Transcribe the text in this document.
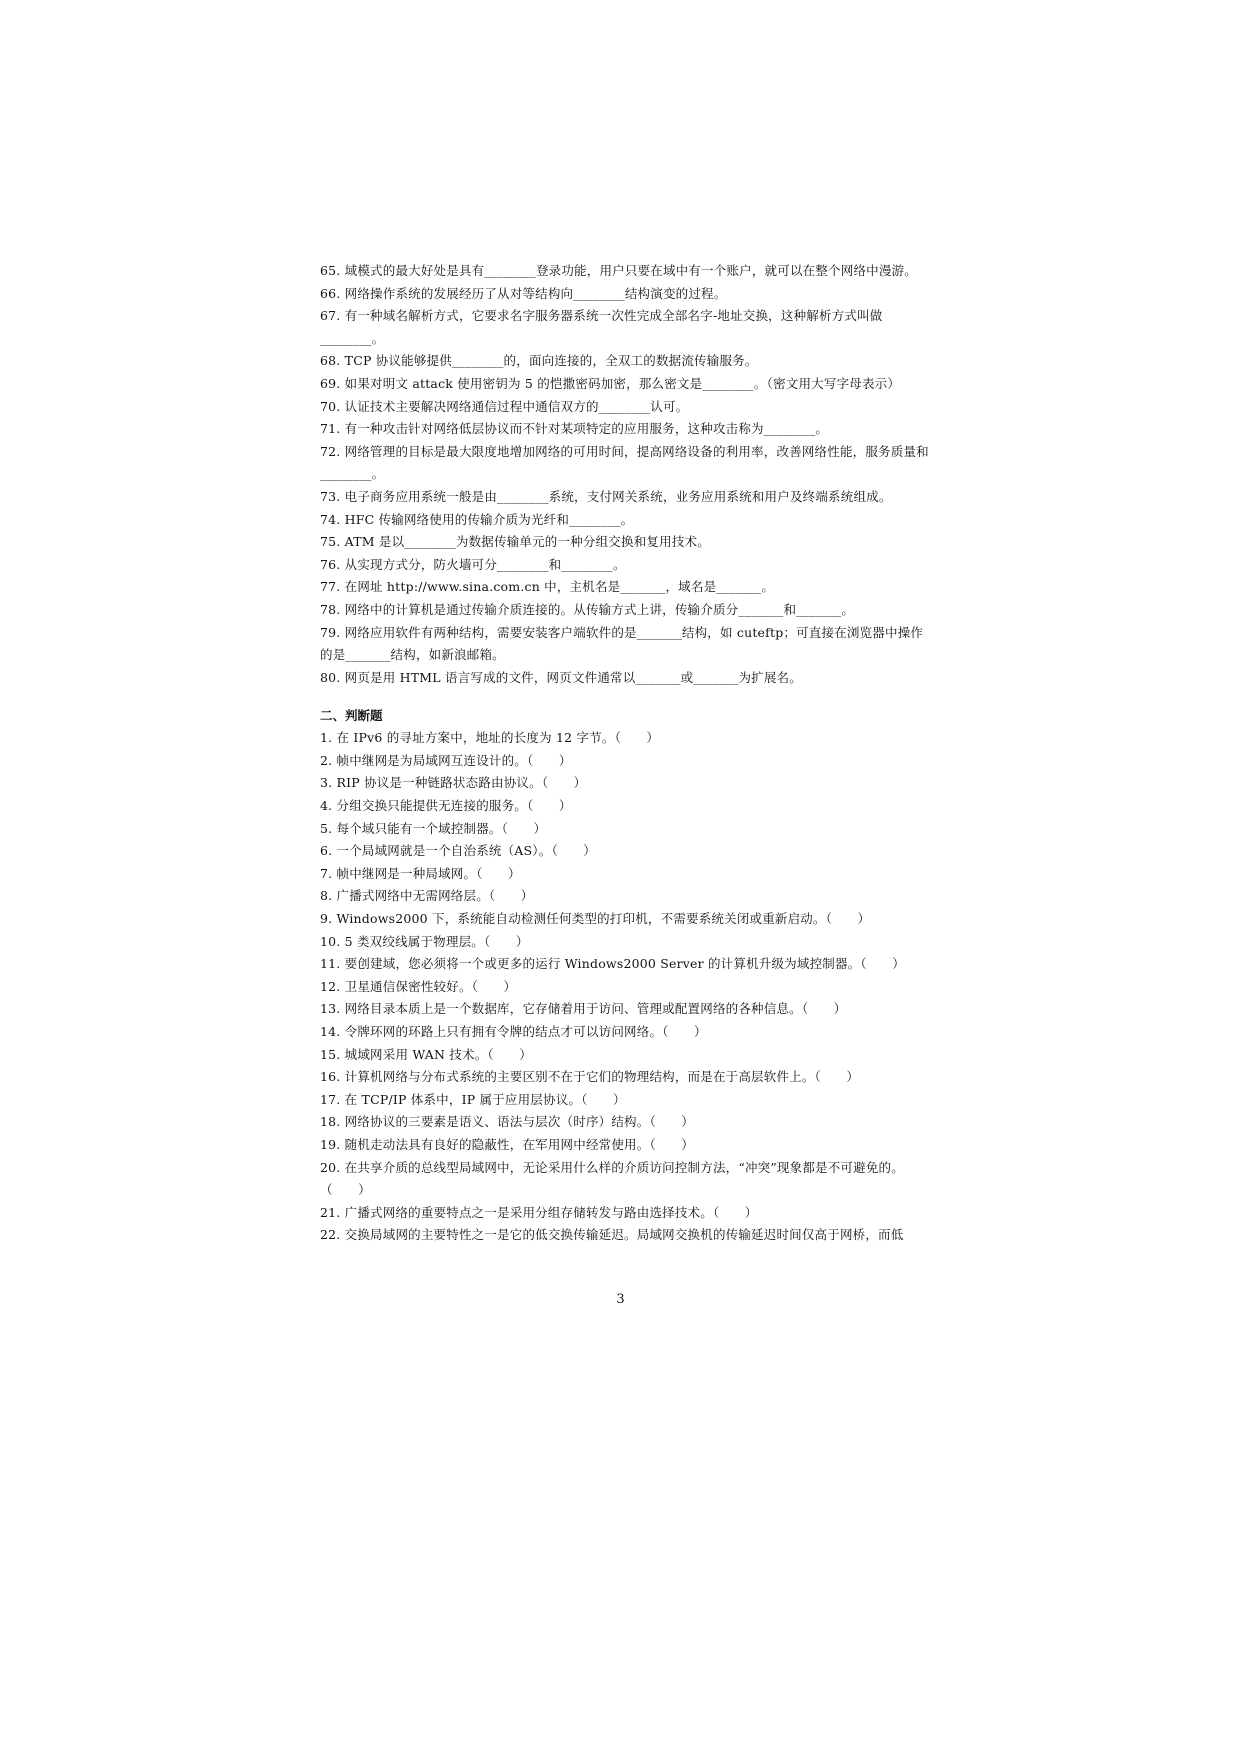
65. 域模式的最大好处是具有________登录功能，用户只要在域中有一个账户，就可以在整个网络中漫游。

66. 网络操作系统的发展经历了从对等结构向________结构演变的过程。

67. 有一种域名解析方式，它要求名字服务器系统一次性完成全部名字-地址交换，这种解析方式叫做________。

68. TCP 协议能够提供________的，面向连接的，全双工的数据流传输服务。

69. 如果对明文 attack 使用密钥为 5 的恺撒密码加密，那么密文是________。（密文用大写字母表示）

70. 认证技术主要解决网络通信过程中通信双方的________认可。

71. 有一种攻击针对网络低层协议而不针对某项特定的应用服务，这种攻击称为________。

72. 网络管理的目标是最大限度地增加网络的可用时间，提高网络设备的利用率，改善网络性能，服务质量和________。

73. 电子商务应用系统一般是由________系统，支付网关系统，业务应用系统和用户及终端系统组成。

74. HFC 传输网络使用的传输介质为光纤和________。

75. ATM 是以________为数据传输单元的一种分组交换和复用技术。

76. 从实现方式分，防火墙可分________和________。

77. 在网址 http://www.sina.com.cn 中，主机名是_______，域名是_______。

78. 网络中的计算机是通过传输介质连接的。从传输方式上讲，传输介质分_______和_______。

79. 网络应用软件有两种结构，需要安装客户端软件的是_______结构，如 cuteftp；可直接在浏览器中操作的是_______结构，如新浪邮箱。

80. 网页是用 HTML 语言写成的文件，网页文件通常以_______或_______为扩展名。

二、判断题

1. 在 IPv6 的寻址方案中，地址的长度为 12 字节。（　　）

2. 帧中继网是为局域网互连设计的。（　　）

3. RIP 协议是一种链路状态路由协议。（　　）

4. 分组交换只能提供无连接的服务。（　　）

5. 每个域只能有一个域控制器。（　　）

6. 一个局域网就是一个自治系统（AS）。（　　）

7. 帧中继网是一种局域网。（　　）

8. 广播式网络中无需网络层。（　　）

9. Windows2000 下，系统能自动检测任何类型的打印机，不需要系统关闭或重新启动。（　　）

10. 5 类双绞线属于物理层。（　　）

11. 要创建域，您必须将一个或更多的运行 Windows2000 Server 的计算机升级为域控制器。（　　）

12. 卫星通信保密性较好。（　　）

13. 网络目录本质上是一个数据库，它存储着用于访问、管理或配置网络的各种信息。（　　）

14. 令牌环网的环路上只有拥有令牌的结点才可以访问网络。（　　）

15. 城域网采用 WAN 技术。（　　）

16. 计算机网络与分布式系统的主要区别不在于它们的物理结构，而是在于高层软件上。（　　）

17. 在 TCP/IP 体系中，IP 属于应用层协议。（　　）

18. 网络协议的三要素是语义、语法与层次（时序）结构。（　　）

19. 随机走动法具有良好的隐蔽性，在军用网中经常使用。（　　）

20. 在共享介质的总线型局域网中，无论采用什么样的介质访问控制方法，“冲突”现象都是不可避免的。（　　）

21. 广播式网络的重要特点之一是采用分组存储转发与路由选择技术。（　　）

22. 交换局域网的主要特性之一是它的低交换传输延迟。局域网交换机的传输延迟时间仅高于网桥，而低

3
